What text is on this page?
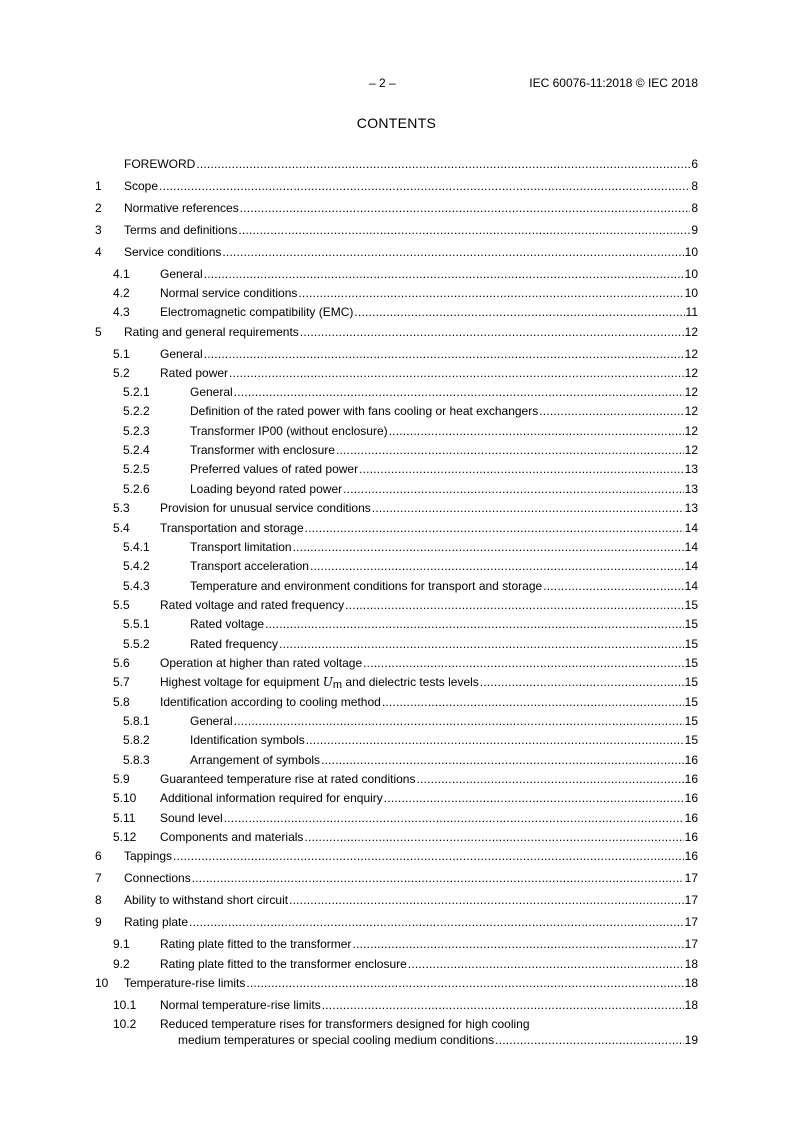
– 2 –	IEC 60076-11:2018 © IEC 2018
CONTENTS
FOREWORD .....	6
1	Scope .....	8
2	Normative references .....	8
3	Terms and definitions .....	9
4	Service conditions .....	10
4.1	General .....	10
4.2	Normal service conditions .....	10
4.3	Electromagnetic compatibility (EMC) .....	11
5	Rating and general requirements .....	12
5.1	General .....	12
5.2	Rated power .....	12
5.2.1	General .....	12
5.2.2	Definition of the rated power with fans cooling or heat exchangers .....	12
5.2.3	Transformer IP00 (without enclosure) .....	12
5.2.4	Transformer with enclosure .....	12
5.2.5	Preferred values of rated power .....	13
5.2.6	Loading beyond rated power .....	13
5.3	Provision for unusual service conditions .....	13
5.4	Transportation and storage .....	14
5.4.1	Transport limitation .....	14
5.4.2	Transport acceleration .....	14
5.4.3	Temperature and environment conditions for transport and storage .....	14
5.5	Rated voltage and rated frequency .....	15
5.5.1	Rated voltage .....	15
5.5.2	Rated frequency .....	15
5.6	Operation at higher than rated voltage .....	15
5.7	Highest voltage for equipment $U_m$ and dielectric tests levels .....	15
5.8	Identification according to cooling method .....	15
5.8.1	General .....	15
5.8.2	Identification symbols .....	15
5.8.3	Arrangement of symbols .....	16
5.9	Guaranteed temperature rise at rated conditions .....	16
5.10	Additional information required for enquiry .....	16
5.11	Sound level .....	16
5.12	Components and materials .....	16
6	Tappings .....	16
7	Connections .....	17
8	Ability to withstand short circuit .....	17
9	Rating plate .....	17
9.1	Rating plate fitted to the transformer .....	17
9.2	Rating plate fitted to the transformer enclosure .....	18
10	Temperature-rise limits .....	18
10.1	Normal temperature-rise limits .....	18
10.2	Reduced temperature rises for transformers designed for high cooling
medium temperatures or special cooling medium conditions .....	19
